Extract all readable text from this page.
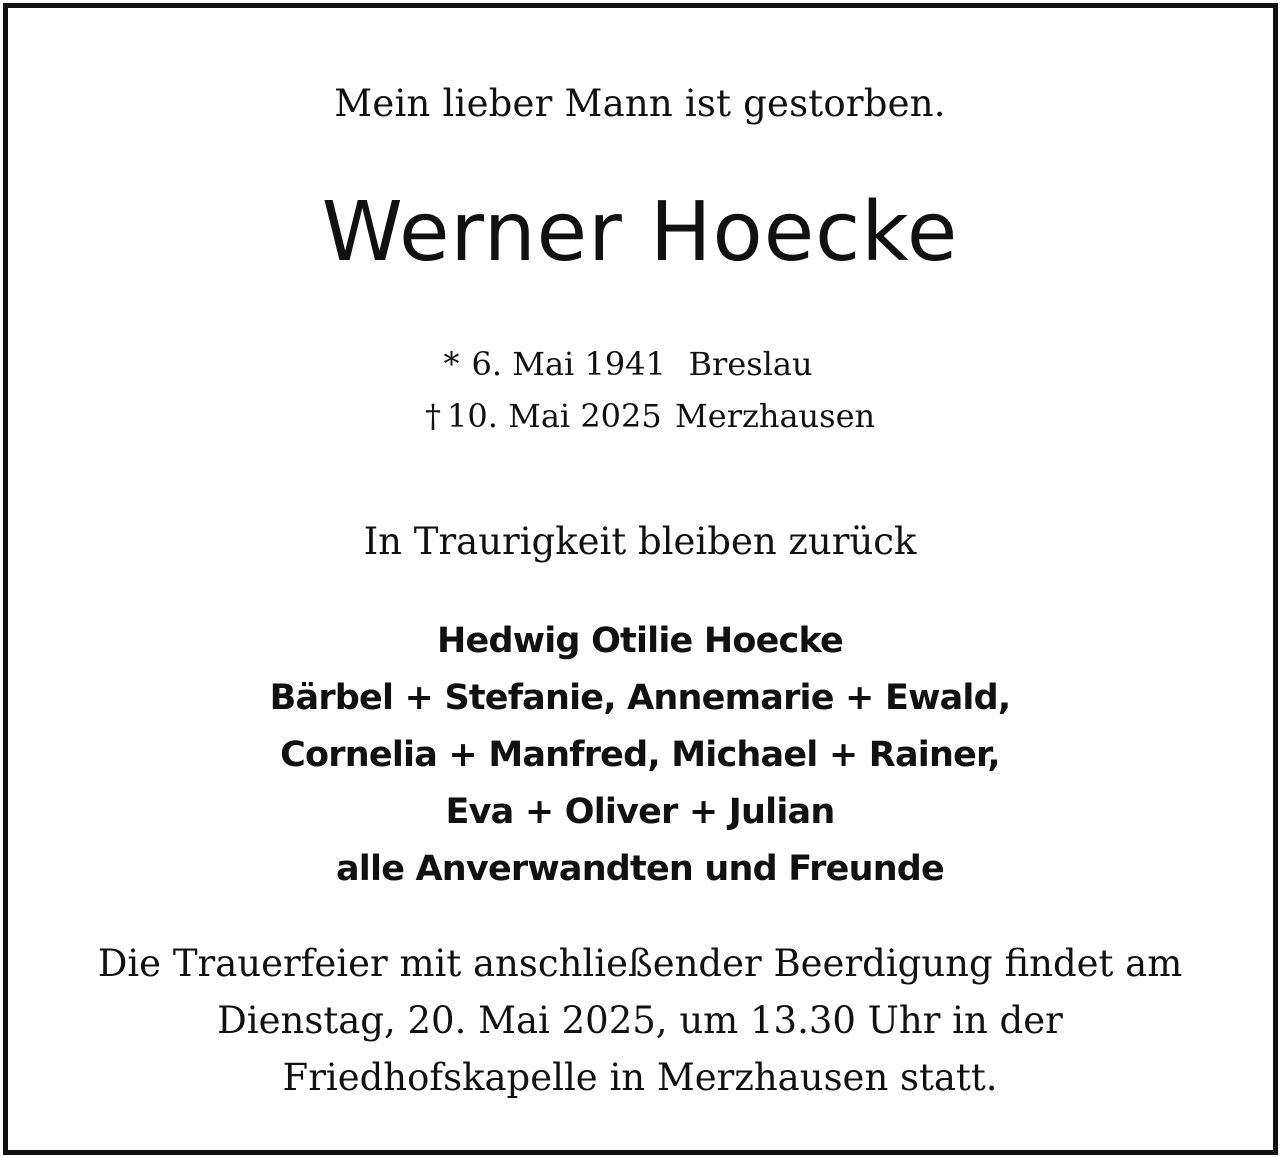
Mein lieber Mann ist gestorben.
Werner Hoecke
* 6. Mai 1941 Breslau
† 10. Mai 2025 Merzhausen
In Traurigkeit bleiben zurück
Hedwig Otilie Hoecke
Bärbel + Stefanie, Annemarie + Ewald,
Cornelia + Manfred, Michael + Rainer,
Eva + Oliver + Julian
alle Anverwandten und Freunde
Die Trauerfeier mit anschließender Beerdigung findet am
Dienstag, 20. Mai 2025, um 13.30 Uhr in der
Friedhofskapelle in Merzhausen statt.
